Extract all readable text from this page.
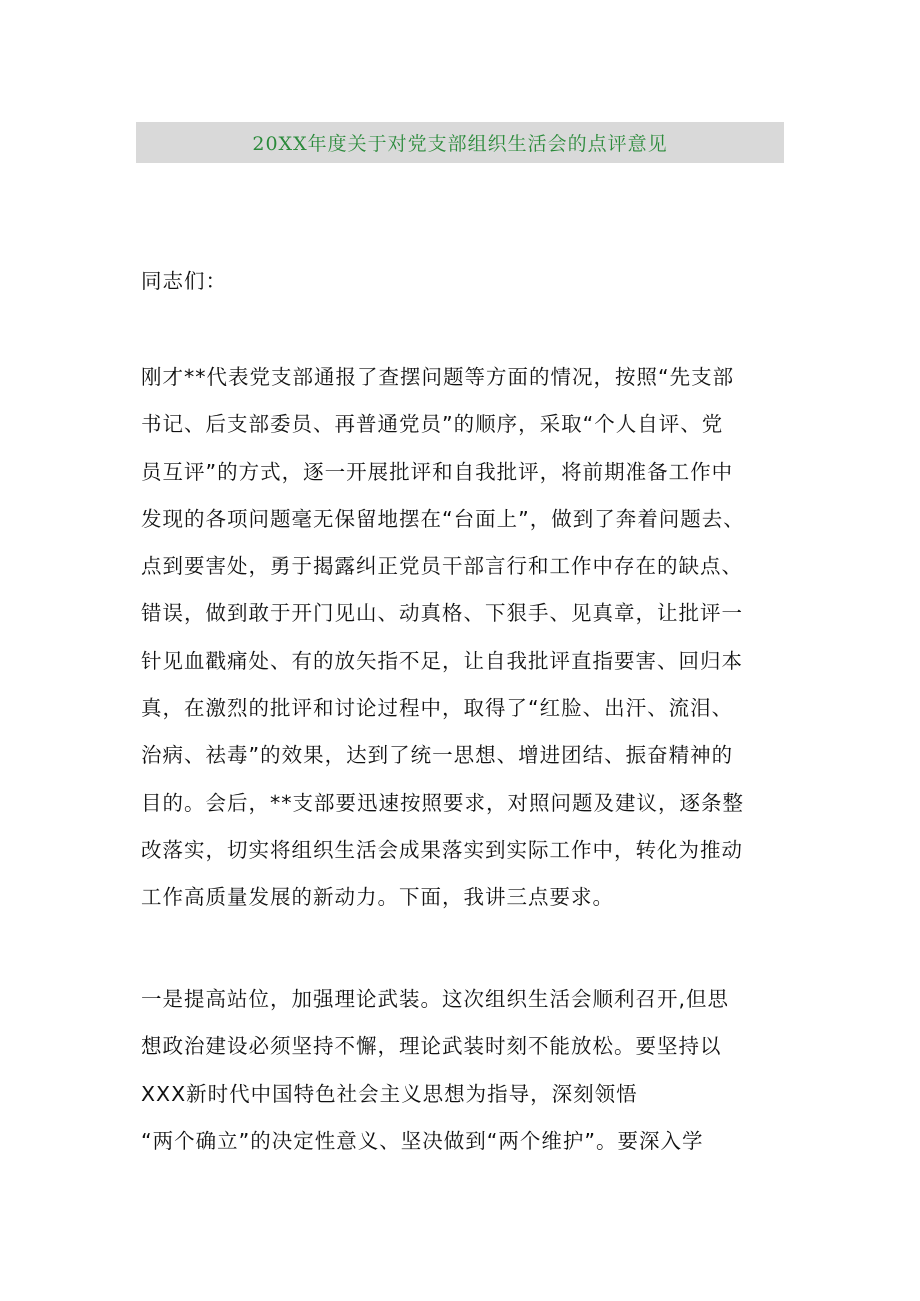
20XX年度关于对党支部组织生活会的点评意见
同志们：
刚才**代表党支部通报了查摆问题等方面的情况，按照“先支部
书记、后支部委员、再普通党员”的顺序，采取“个人自评、党
员互评”的方式，逐一开展批评和自我批评，将前期准备工作中
发现的各项问题毫无保留地摆在“台面上”，做到了奔着问题去、
点到要害处，勇于揭露纠正党员干部言行和工作中存在的缺点、
错误，做到敢于开门见山、动真格、下狠手、见真章，让批评一
针见血戳痛处、有的放矢指不足，让自我批评直指要害、回归本
真，在激烈的批评和讨论过程中，取得了“红脸、出汗、流泪、
治病、祛毒”的效果，达到了统一思想、增进团结、振奋精神的
目的。会后，**支部要迅速按照要求，对照问题及建议，逐条整
改落实，切实将组织生活会成果落实到实际工作中，转化为推动
工作高质量发展的新动力。下面，我讲三点要求。
一是提高站位，加强理论武装。这次组织生活会顺利召开,但思
想政治建设必须坚持不懈，理论武装时刻不能放松。要坚持以
XXX新时代中国特色社会主义思想为指导，深刻领悟
“两个确立”的决定性意义、坚决做到“两个维护”。要深入学
